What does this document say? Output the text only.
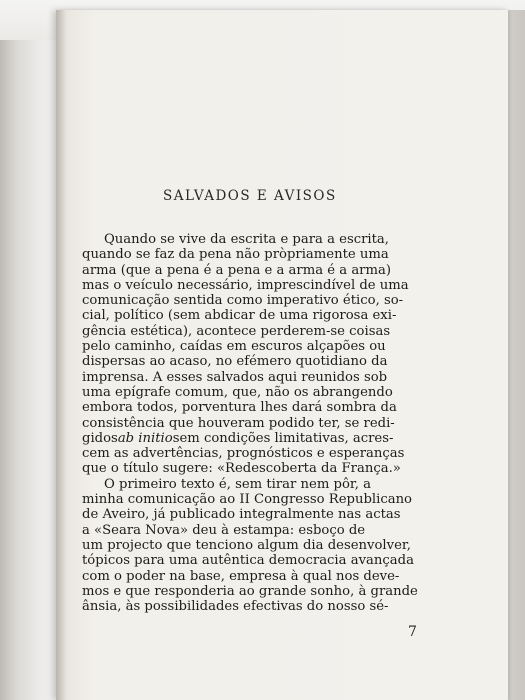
SALVADOS E AVISOS
Quando se vive da escrita e para a escrita,
quando se faz da pena não pròpriamente uma
arma (que a pena é a pena e a arma é a arma)
mas o veículo necessário, imprescindível de uma
comunicação sentida como imperativo ético, so-
cial, político (sem abdicar de uma rigorosa exi-
gência estética), acontece perderem-se coisas
pelo caminho, caídas em escuros alçapões ou
dispersas ao acaso, no efémero quotidiano da
imprensa. A esses salvados aqui reunidos sob
uma epígrafe comum, que, não os abrangendo
embora todos, porventura lhes dará sombra da
consistência que houveram podido ter, se redi-
gidosab initiosem condições limitativas, acres-
cem as advertências, prognósticos e esperanças
que o título sugere: «Redescoberta da França.»
O primeiro texto é, sem tirar nem pôr, a
minha comunicação ao II Congresso Republicano
de Aveiro, já publicado integralmente nas actas
a «Seara Nova» deu à estampa: esboço de
um projecto que tenciono algum dia desenvolver,
tópicos para uma autêntica democracia avançada
com o poder na base, empresa à qual nos deve-
mos e que responderia ao grande sonho, à grande
ânsia, às possibilidades efectivas do nosso sé-
7
